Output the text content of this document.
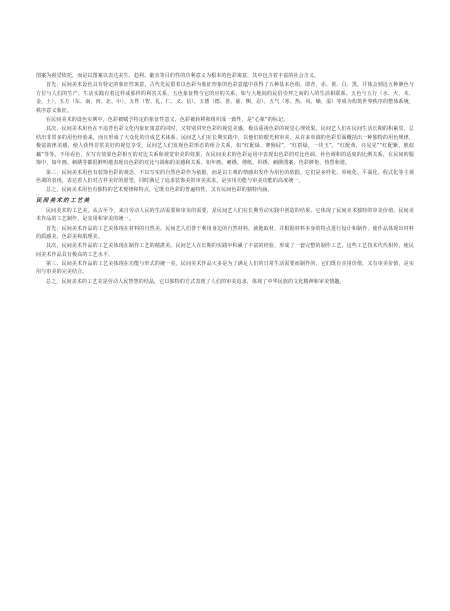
图案为视觉依托，而是以图案以表达美生、趋利、避害等目的性的功利意义为根本的色彩寓意，其中包含着丰富的社会含义。

首先，民间美术设色具有特定的象征性寓意。古代先民借着以色彩为象征形象的色彩意蕴中获得了五种基本色相，即青、赤、黄、白、黑，并体会到这五种颜色与方位与人们的生产、生活实践有着这样或那样的利害关系，五色象征物与它的应的关系，如与大地间的民俗崇拜之间的人的生活相联系。五色与五行（水、火、木、金、土），五方（东、南、西、北、中），五性（智、礼、仁、义、信），五德（德、善、慈、恻、忍），五气（寒、热、风、燥、湿）等成为构筑世界秩序的整体系统，秩序意义象征。

在民间美术的设色实例中，色彩被赋予特定的象征性意义，色彩被转移和组织成一致性，是“心象”的标记。

其次，民间美术用色在不违背色彩文化内象征寓意的同时，又特别讲究色彩的视觉美感，极具重视色彩的视觉心理效果。民间艺人们在民间生活长期的积累里，总结出非常多的用色经验来，而且形成了大众化的自成艺术体系。民间艺人们在长期实践中，以他们的眼光和审美，从许多单调的色彩里面概括出一种独特的用色规律，极富韵律美感，使人获得非常美好的视觉享受。民间艺人们发现色彩形态的组合关系，如“红配绿，赛狗屁”，“红搭绿，一块玉”，“红配黄，亮晃晃”“红配紫，胜似藕”等等。不用看色，在写有效果色彩相互的对比关系和视觉审美的效果，在民间美术的色彩运用中表现出色彩的对比色调、补色调和的适度的比例关系，在民间的服饰中，如年画、刺绣等都很鲜明地表现出色彩的对比与调和的美感和关系。如年画、刺绣、剪纸、织绣、刺绣图案，色彩鲜艳、热烈和谐。

第三，民间美术用色有装饰色彩的观念，不以写实的自然色彩作为依据，而是以主观的情感出发作为用色的依据。它们是多样化、单纯化、平面化、程式化等主观色调的表现，表达着人们对吉祥美好的愿望，同时满足了追求装饰美的审美需求，是实用功能与审美功能的高度统一。

总之，民间美术用色有独特的艺术规律和特点，它既有色彩的普遍特性，又有民间色彩的独特内涵。

民间美术的工艺美

民间美术的工艺美，从古至今，来自劳动人民的生活需要和审美的需要，是民间艺人们在长期劳动实践中创造的结果。它体现了民间美术独特的审美价值，民间美术作品的工艺制作，是实用和审美的统一。

首先，民间美术作品的工艺美体现在材料的自然美。民间艺人们善于利用身边的自然材料，就地取材，并根据材料本身的特点进行设计和制作，使作品体现出材料的质感美、色彩美和肌理美。

其次，民间美术作品的工艺美体现在制作工艺的精湛美。民间艺人在长期的实践中积累了丰富的经验，形成了一套完整的制作工艺，这些工艺技术代代相传，使民间美术作品具有极高的工艺水平。

第三，民间美术作品的工艺美体现在功能与形式的统一美。民间美术作品大多是为了满足人们的日常生活需要而制作的，它们既有实用价值，又有审美价值，是实用与审美的完美结合。

总之，民间美术的工艺美是劳动人民智慧的结晶，它以独特的方式表现了人们的审美追求，体现了中华民族的文化精神和审美情趣。
